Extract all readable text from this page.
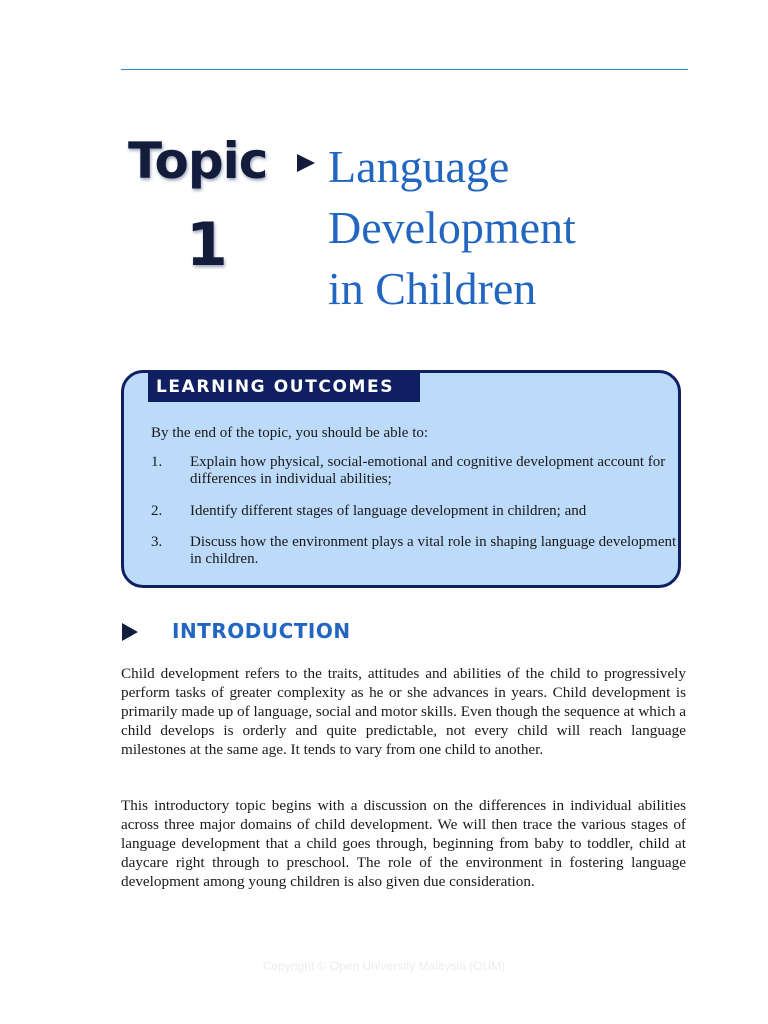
Topic
1
Language
Development
in Children
LEARNING OUTCOMES
By the end of the topic, you should be able to:
1. Explain how physical, social-emotional and cognitive development account for differences in individual abilities;
2. Identify different stages of language development in children; and
3. Discuss how the environment plays a vital role in shaping language development in children.
INTRODUCTION

Child development refers to the traits, attitudes and abilities of the child to progressively perform tasks of greater complexity as he or she advances in years. Child development is primarily made up of language, social and motor skills. Even though the sequence at which a child develops is orderly and quite predictable, not every child will reach language milestones at the same age. It tends to vary from one child to another.

This introductory topic begins with a discussion on the differences in individual abilities across three major domains of child development. We will then trace the various stages of language development that a child goes through, beginning from baby to toddler, child at daycare right through to preschool. The role of the environment in fostering language development among young children is also given due consideration.

Copyright © Open University Malaysia (OUM)
